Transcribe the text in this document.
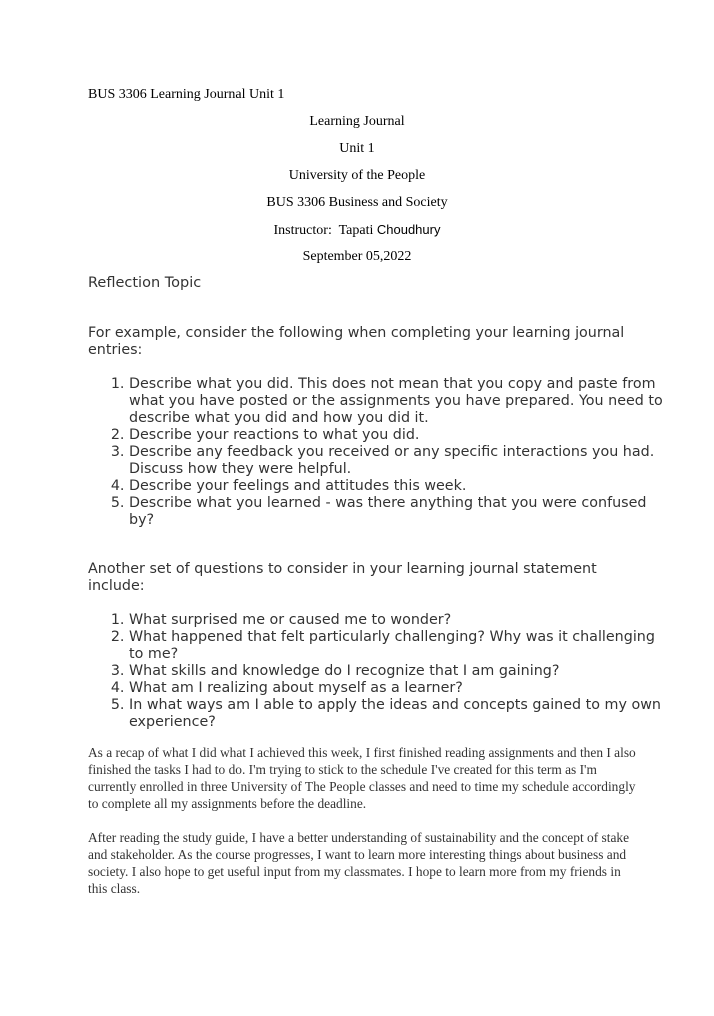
BUS 3306 Learning Journal Unit 1

Learning Journal

Unit 1

University of the People

BUS 3306 Business and Society

Instructor: Tapati Choudhury

September 05,2022

Reflection Topic

For example, consider the following when completing your learning journal entries:

1. Describe what you did. This does not mean that you copy and paste from what you have posted or the assignments you have prepared. You need to describe what you did and how you did it.
2. Describe your reactions to what you did.
3. Describe any feedback you received or any specific interactions you had. Discuss how they were helpful.
4. Describe your feelings and attitudes this week.
5. Describe what you learned - was there anything that you were confused by?

Another set of questions to consider in your learning journal statement include:

1. What surprised me or caused me to wonder?
2. What happened that felt particularly challenging? Why was it challenging to me?
3. What skills and knowledge do I recognize that I am gaining?
4. What am I realizing about myself as a learner?
5. In what ways am I able to apply the ideas and concepts gained to my own experience?

As a recap of what I did what I achieved this week, I first finished reading assignments and then I also finished the tasks I had to do. I'm trying to stick to the schedule I've created for this term as I'm currently enrolled in three University of The People classes and need to time my schedule accordingly to complete all my assignments before the deadline.

After reading the study guide, I have a better understanding of sustainability and the concept of stake and stakeholder. As the course progresses, I want to learn more interesting things about business and society. I also hope to get useful input from my classmates. I hope to learn more from my friends in this class.
